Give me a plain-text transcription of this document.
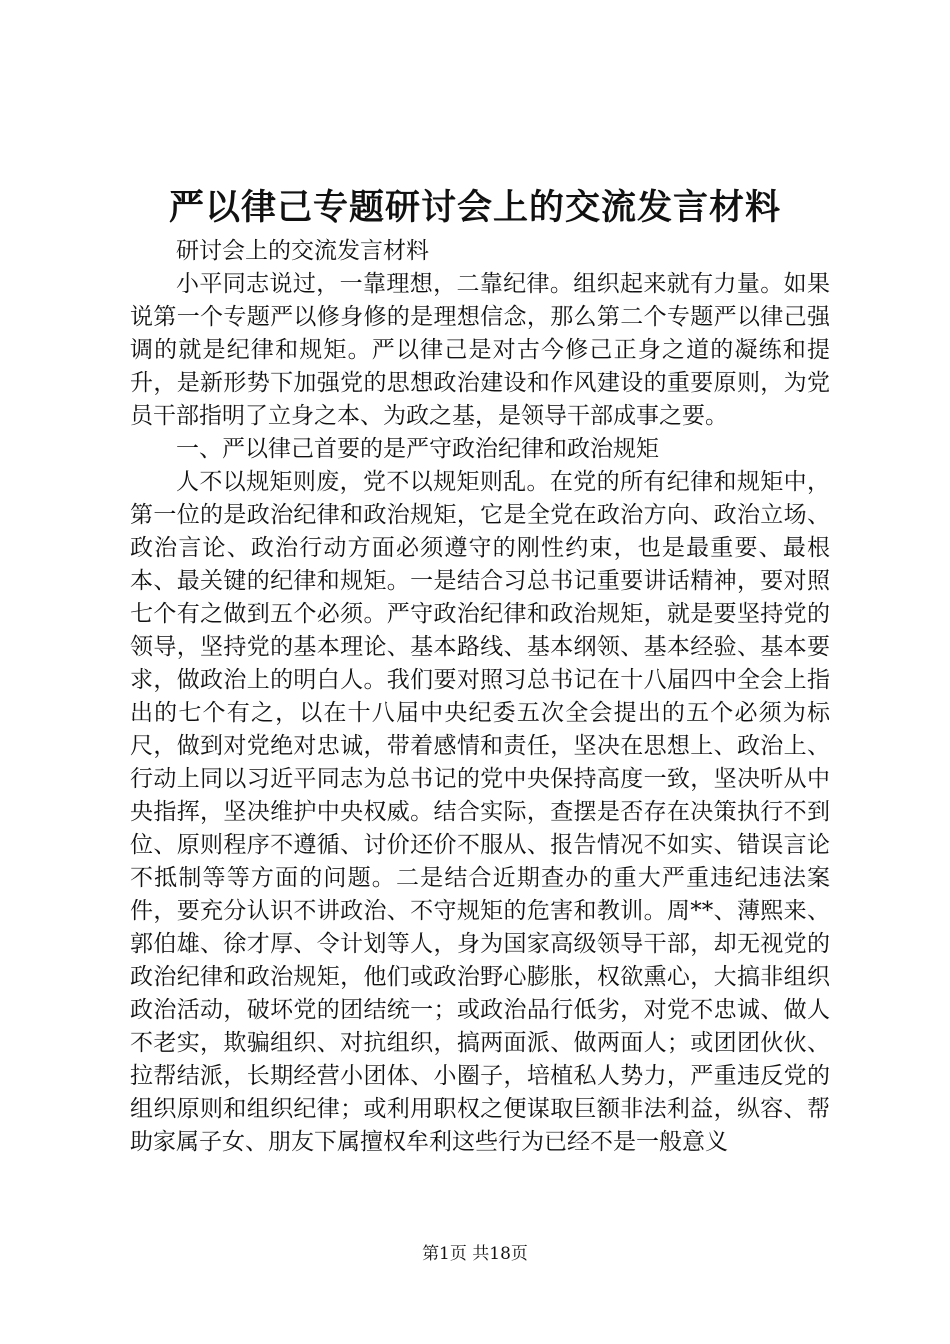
严以律己专题研讨会上的交流发言材料

研讨会上的交流发言材料

小平同志说过，一靠理想，二靠纪律。组织起来就有力量。如果说第一个专题严以修身修的是理想信念，那么第二个专题严以律己强调的就是纪律和规矩。严以律己是对古今修己正身之道的凝练和提升，是新形势下加强党的思想政治建设和作风建设的重要原则，为党员干部指明了立身之本、为政之基，是领导干部成事之要。

一、严以律己首要的是严守政治纪律和政治规矩

人不以规矩则废，党不以规矩则乱。在党的所有纪律和规矩中，第一位的是政治纪律和政治规矩，它是全党在政治方向、政治立场、政治言论、政治行动方面必须遵守的刚性约束，也是最重要、最根本、最关键的纪律和规矩。一是结合习总书记重要讲话精神，要对照七个有之做到五个必须。严守政治纪律和政治规矩，就是要坚持党的领导，坚持党的基本理论、基本路线、基本纲领、基本经验、基本要求，做政治上的明白人。我们要对照习总书记在十八届四中全会上指出的七个有之，以在十八届中央纪委五次全会提出的五个必须为标尺，做到对党绝对忠诚，带着感情和责任，坚决在思想上、政治上、行动上同以习近平同志为总书记的党中央保持高度一致，坚决听从中央指挥，坚决维护中央权威。结合实际，查摆是否存在决策执行不到位、原则程序不遵循、讨价还价不服从、报告情况不如实、错误言论不抵制等等方面的问题。二是结合近期查办的重大严重违纪违法案件，要充分认识不讲政治、不守规矩的危害和教训。周**、薄熙来、郭伯雄、徐才厚、令计划等人，身为国家高级领导干部，却无视党的政治纪律和政治规矩，他们或政治野心膨胀，权欲熏心，大搞非组织政治活动，破坏党的团结统一；或政治品行低劣，对党不忠诚、做人不老实，欺骗组织、对抗组织，搞两面派、做两面人；或团团伙伙、拉帮结派，长期经营小团体、小圈子，培植私人势力，严重违反党的组织原则和组织纪律；或利用职权之便谋取巨额非法利益，纵容、帮助家属子女、朋友下属擅权牟利这些行为已经不是一般意义

第1页 共18页
